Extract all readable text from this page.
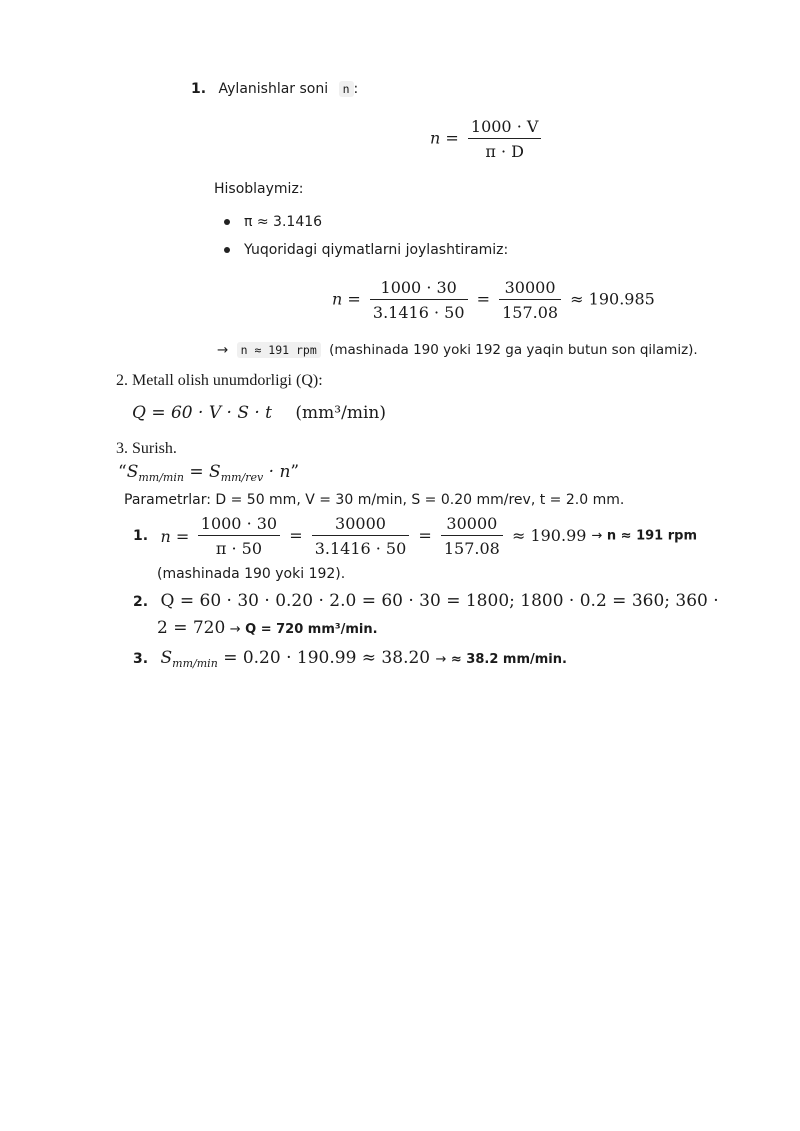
1. Aylanishlar soni n :
$n = \frac{1000 \cdot V}{\pi \cdot D}$
Hisoblaymiz:
π ≈ 3.1416
Yuqoridagi qiymatlarni joylashtiramiz:
$n = \frac{1000 \cdot 30}{3.1416 \cdot 50} = \frac{30000}{157.08} \approx 190.985$
→ n ≈ 191 rpm (mashinada 190 yoki 192 ga yaqin butun son qilamiz).
2. Metall olish unumdorligi (Q):
Q = 60 · V · S · t (mm³/min)
3. Surish.
“$S_{mm/min} = S_{mm/rev} \cdot n$”
Parametrlar: D = 50 mm, V = 30 m/min, S = 0.20 mm/rev, t = 2.0 mm.
1. $n = \frac{1000 \cdot 30}{\pi \cdot 50} = \frac{30000}{3.1416 \cdot 50} = \frac{30000}{157.08} \approx 190.99 \to n \approx 191$ rpm
(mashinada 190 yoki 192).
2. Q = 60 · 30 · 0.20 · 2.0 = 60 · 30 = 1800; 1800 · 0.2 = 360; 360 ·
2 = 720 → Q = 720 mm³/min.
3. $S_{mm/min} = 0.20 \cdot 190.99 \approx 38.20$ → ≈ 38.2 mm/min.
